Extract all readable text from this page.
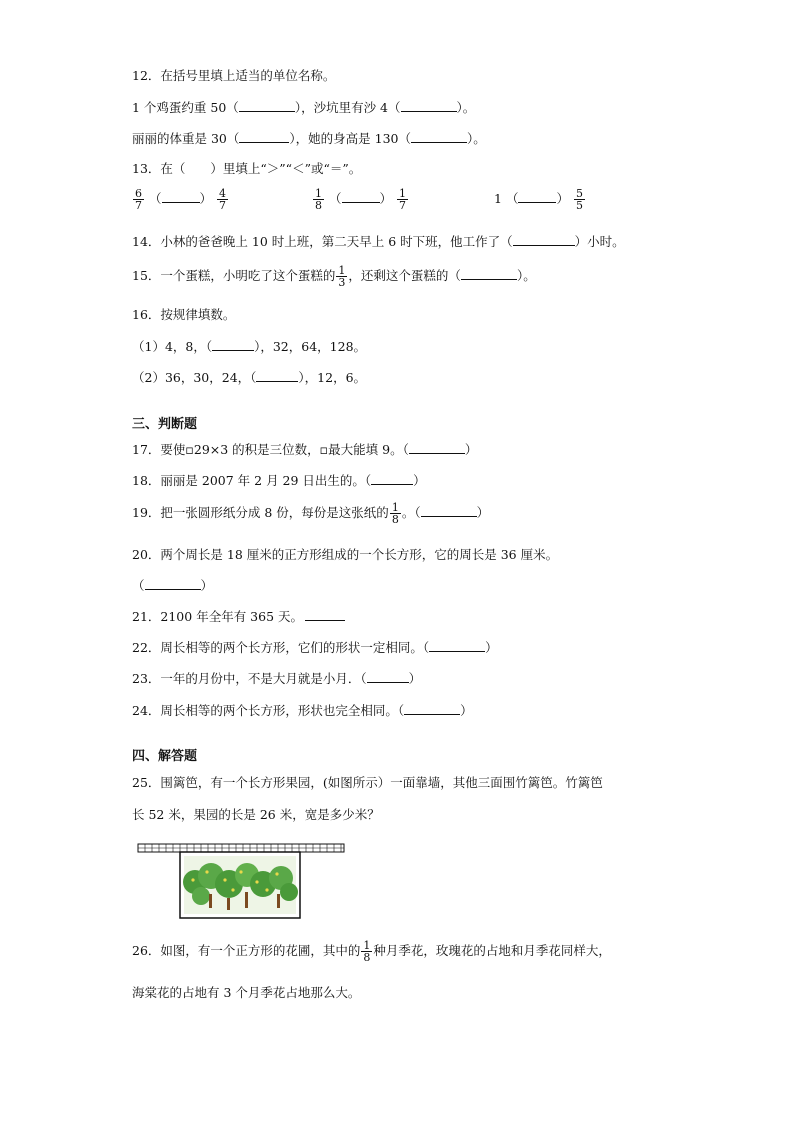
12．在括号里填上适当的单位名称。
1 个鸡蛋约重 50（	），沙坑里有沙 4（	）。
丽丽的体重是 30（	），她的身高是 130（	）。
13．在（　　）里填上“＞”“＜”或“＝”。
$\frac{6}{7}$ （	） $\frac{4}{7}$	$\frac{1}{8}$ （	） $\frac{1}{7}$	1 （	） $\frac{5}{5}$
14．小林的爸爸晚上 10 时上班，第二天早上 6 时下班，他工作了（	）小时。
15．一个蛋糕，小明吃了这个蛋糕的 $\frac{1}{3}$ ，还剩这个蛋糕的（	）。
16．按规律填数。
（1）4，8，（	），32，64，128。
（2）36，30，24，（	），12，6。
三、判断题
17．要使▫29×3 的积是三位数，▫最大能填 9。（	）
18．丽丽是 2007 年 2 月 29 日出生的。（	）
19．把一张圆形纸分成 8 份，每份是这张纸的 $\frac{1}{8}$ 。（	）
20．两个周长是 18 厘米的正方形组成的一个长方形，它的周长是 36 厘米。
（	）
21．2100 年全年有 365 天。
22．周长相等的两个长方形，它们的形状一定相同。（	）
23．一年的月份中，不是大月就是小月．（	）
24．周长相等的两个长方形，形状也完全相同。（	）
四、解答题
25．围篱笆，有一个长方形果园，(如图所示）一面靠墙，其他三面围竹篱笆。竹篱笆
长 52 米，果园的长是 26 米，宽是多少米？
26．如图，有一个正方形的花圃，其中的 $\frac{1}{8}$ 种月季花，玫瑰花的占地和月季花同样大，
海棠花的占地有 3 个月季花占地那么大。
